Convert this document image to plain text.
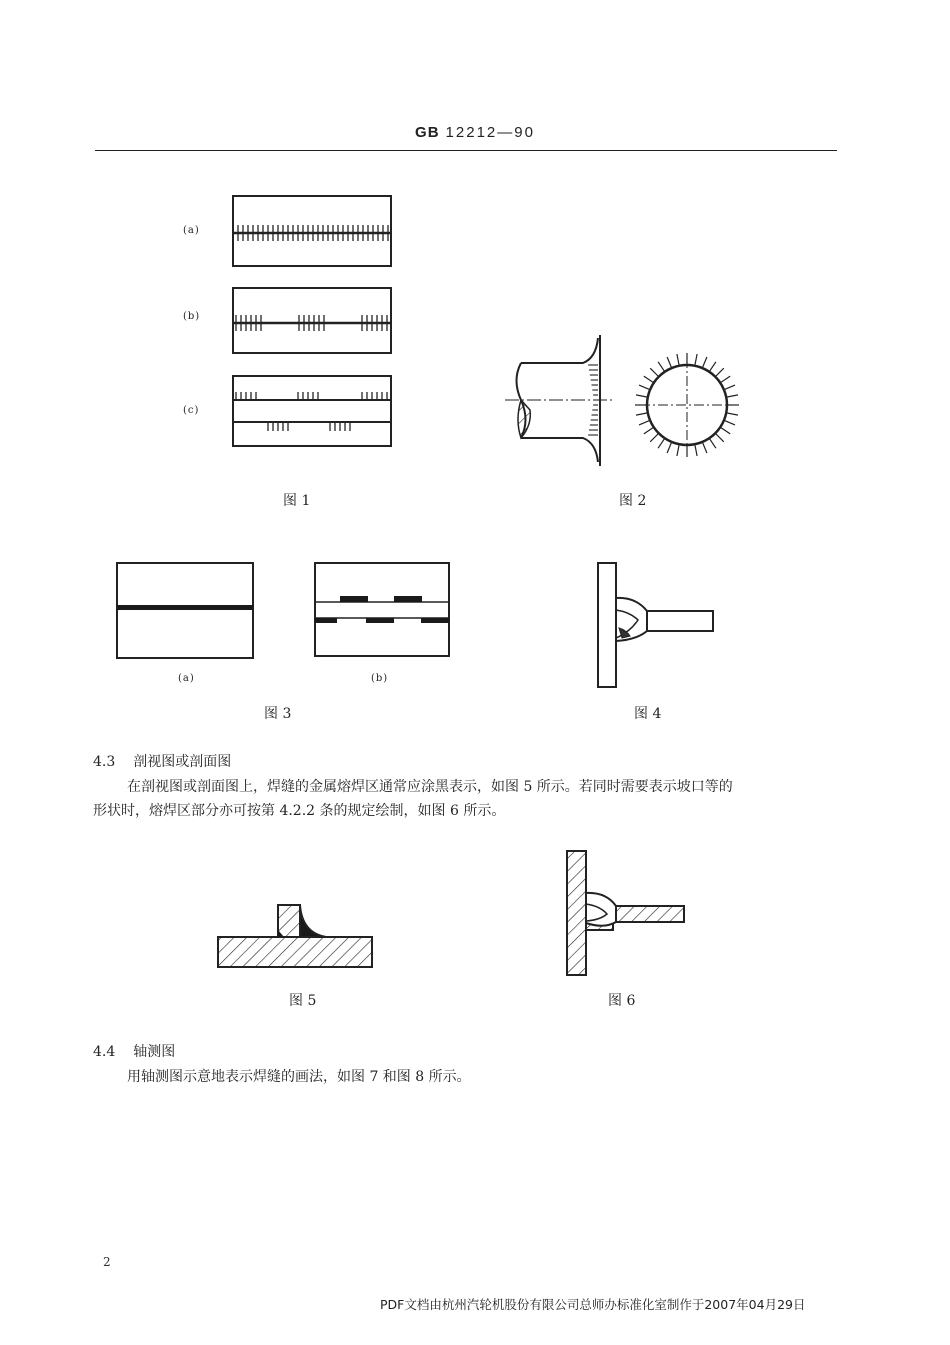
GB 12212—90
(a)
(b)
(c)
图 1	图 2
(a)	(b)
图 3	图 4
4.3 剖视图或剖面图
在剖视图或剖面图上，焊缝的金属熔焊区通常应涂黑表示，如图 5 所示。若同时需要表示坡口等的
形状时，熔焊区部分亦可按第 4.2.2 条的规定绘制，如图 6 所示。
图 5	图 6
4.4 轴测图
用轴测图示意地表示焊缝的画法，如图 7 和图 8 所示。
2
PDF文档由杭州汽轮机股份有限公司总师办标准化室制作于2007年04月29日
